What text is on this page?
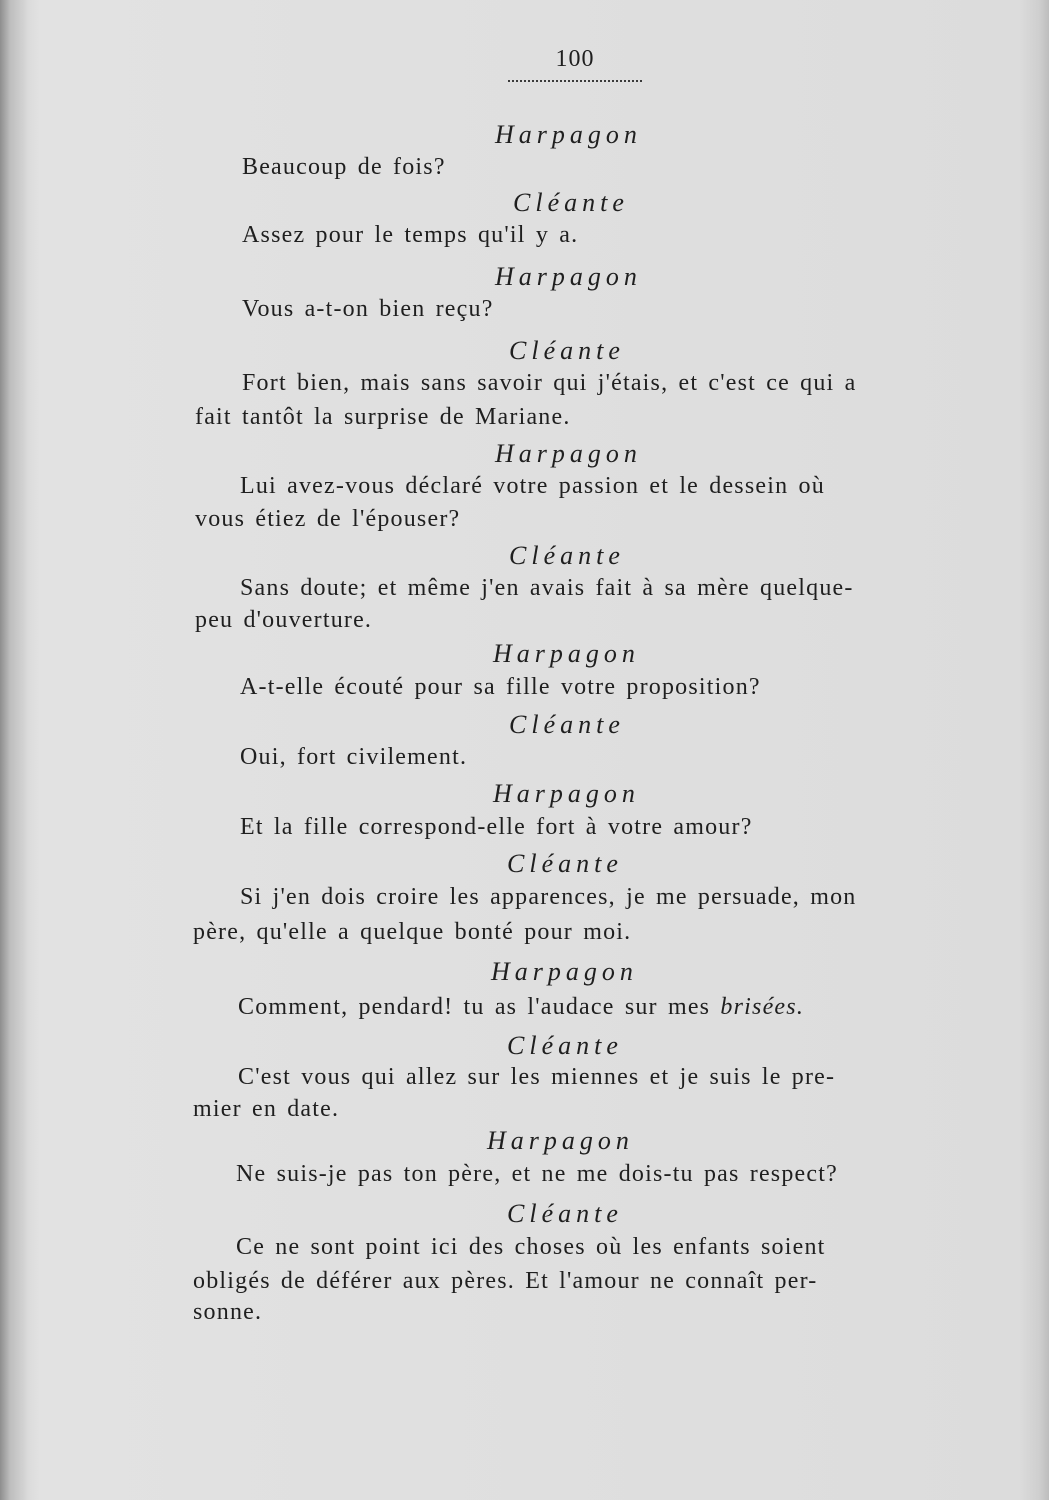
100
Harpagon
Beaucoup de fois?
Cléante
Assez pour le temps qu'il y a.
Harpagon
Vous a-t-on bien reçu?
Cléante
Fort bien, mais sans savoir qui j'étais, et c'est ce qui a
fait tantôt la surprise de Mariane.
Harpagon
Lui avez-vous déclaré votre passion et le dessein où
vous étiez de l'épouser?
Cléante
Sans doute; et même j'en avais fait à sa mère quelque-
peu d'ouverture.
Harpagon
A-t-elle écouté pour sa fille votre proposition?
Cléante
Oui, fort civilement.
Harpagon
Et la fille correspond-elle fort à votre amour?
Cléante
Si j'en dois croire les apparences, je me persuade, mon
père, qu'elle a quelque bonté pour moi.
Harpagon
Comment, pendard! tu as l'audace sur mes brisées.
Cléante
C'est vous qui allez sur les miennes et je suis le pre-
mier en date.
Harpagon
Ne suis-je pas ton père, et ne me dois-tu pas respect?
Cléante
Ce ne sont point ici des choses où les enfants soient
obligés de déférer aux pères. Et l'amour ne connaît per-
sonne.
